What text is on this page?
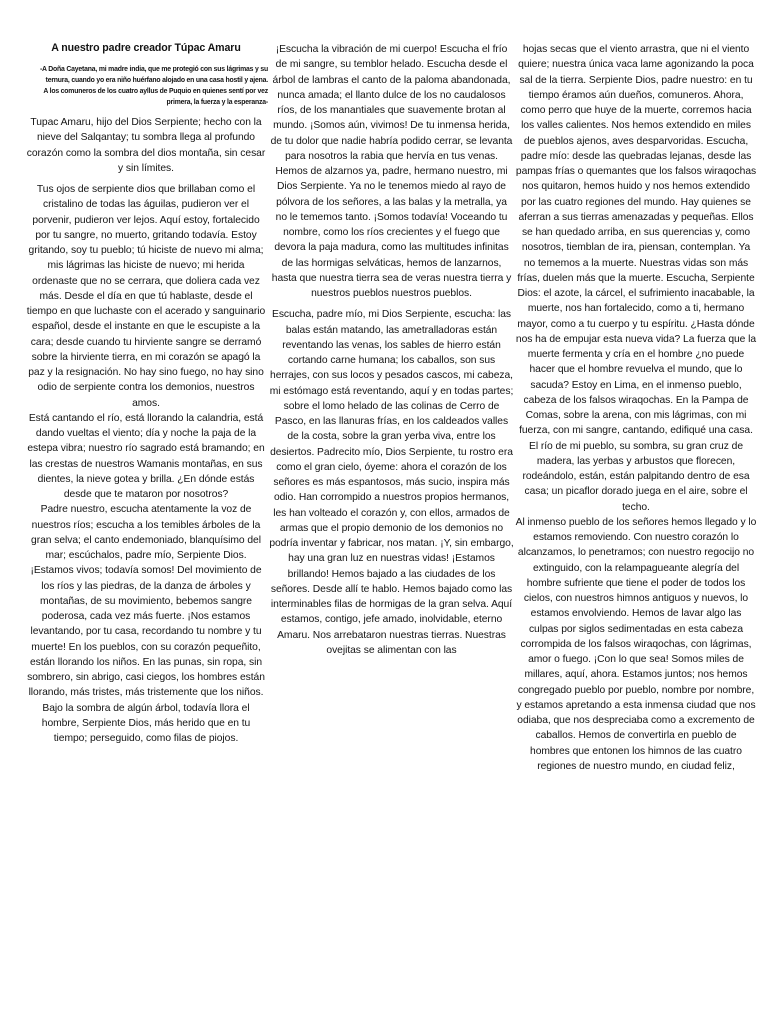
A nuestro padre creador Túpac Amaru

-A Doña Cayetana, mi madre india, que me protegió con sus lágrimas y su ternura, cuando yo era niño huérfano alojado en una casa hostil y ajena.

A los comuneros de los cuatro ayllus de Puquio en quienes sentí por vez primera, la fuerza y la esperanza-

Tupac Amaru, hijo del Dios Serpiente; hecho con la nieve del Salqantay; tu sombra llega al profundo corazón como la sombra del dios montaña, sin cesar y sin límites.

Tus ojos de serpiente dios que brillaban como el cristalino de todas las águilas, pudieron ver el porvenir, pudieron ver lejos. Aquí estoy, fortalecido por tu sangre, no muerto, gritando todavía. Estoy gritando, soy tu pueblo; tú hiciste de nuevo mi alma; mis lágrimas las hiciste de nuevo; mi herida ordenaste que no se cerrara, que doliera cada vez más. Desde el día en que tú hablaste, desde el tiempo en que luchaste con el acerado y sanguinario español, desde el instante en que le escupiste a la cara; desde cuando tu hirviente sangre se derramó sobre la hirviente tierra, en mi corazón se apagó la paz y la resignación. No hay sino fuego, no hay sino odio de serpiente contra los demonios, nuestros amos.

Está cantando el río, está llorando la calandria, está dando vueltas el viento; día y noche la paja de la estepa vibra; nuestro río sagrado está bramando; en las crestas de nuestros Wamanis montañas, en sus dientes, la nieve gotea y brilla. ¿En dónde estás desde que te mataron por nosotros?

Padre nuestro, escucha atentamente la voz de nuestros ríos; escucha a los temibles árboles de la gran selva; el canto endemoniado, blanquísimo del mar; escúchalos, padre mío, Serpiente Dios. ¡Estamos vivos; todavía somos! Del movimiento de los ríos y las piedras, de la danza de árboles y montañas, de su movimiento, bebemos sangre poderosa, cada vez más fuerte. ¡Nos estamos levantando, por tu casa, recordando tu nombre y tu muerte! En los pueblos, con su corazón pequeñito, están llorando los niños. En las punas, sin ropa, sin sombrero, sin abrigo, casi ciegos, los hombres están llorando, más tristes, más tristemente que los niños. Bajo la sombra de algún árbol, todavía llora el hombre, Serpiente Dios, más herido que en tu tiempo; perseguido, como filas de piojos.

¡Escucha la vibración de mi cuerpo! Escucha el frío de mi sangre, su temblor helado. Escucha desde el árbol de lambras el canto de la paloma abandonada, nunca amada; el llanto dulce de los no caudalosos ríos, de los manantiales que suavemente brotan al mundo. ¡Somos aún, vivimos! De tu inmensa herida, de tu dolor que nadie habría podido cerrar, se levanta para nosotros la rabia que hervía en tus venas. Hemos de alzarnos ya, padre, hermano nuestro, mi Dios Serpiente. Ya no le tenemos miedo al rayo de pólvora de los señores, a las balas y la metralla, ya no le tememos tanto. ¡Somos todavía! Voceando tu nombre, como los ríos crecientes y el fuego que devora la paja madura, como las multitudes infinitas de las hormigas selváticas, hemos de lanzarnos, hasta que nuestra tierra sea de veras nuestra tierra y nuestros pueblos nuestros pueblos.

Escucha, padre mío, mi Dios Serpiente, escucha: las balas están matando, las ametralladoras están reventando las venas, los sables de hierro están cortando carne humana; los caballos, son sus herrajes, con sus locos y pesados cascos, mi cabeza, mi estómago está reventando, aquí y en todas partes; sobre el lomo helado de las colinas de Cerro de Pasco, en las llanuras frías, en los caldeados valles de la costa, sobre la gran yerba viva, entre los desiertos. Padrecito mío, Dios Serpiente, tu rostro era como el gran cielo, óyeme: ahora el corazón de los señores es más espantosos, más sucio, inspira más odio. Han corrompido a nuestros propios hermanos, les han volteado el corazón y, con ellos, armados de armas que el propio demonio de los demonios no podría inventar y fabricar, nos matan. ¡Y, sin embargo, hay una gran luz en nuestras vidas! ¡Estamos brillando! Hemos bajado a las ciudades de los señores. Desde allí te hablo. Hemos bajado como las interminables filas de hormigas de la gran selva. Aquí estamos, contigo, jefe amado, inolvidable, eterno Amaru. Nos arrebataron nuestras tierras. Nuestras ovejitas se alimentan con las

hojas secas que el viento arrastra, que ni el viento quiere; nuestra única vaca lame agonizando la poca sal de la tierra. Serpiente Dios, padre nuestro: en tu tiempo éramos aún dueños, comuneros. Ahora, como perro que huye de la muerte, corremos hacia los valles calientes. Nos hemos extendido en miles de pueblos ajenos, aves desparvoridas. Escucha, padre mío: desde las quebradas lejanas, desde las pampas frías o quemantes que los falsos wiraqochas nos quitaron, hemos huido y nos hemos extendido por las cuatro regiones del mundo. Hay quienes se aferran a sus tierras amenazadas y pequeñas. Ellos se han quedado arriba, en sus querencias y, como nosotros, tiemblan de ira, piensan, contemplan. Ya no tememos a la muerte. Nuestras vidas son más frías, duelen más que la muerte. Escucha, Serpiente Dios: el azote, la cárcel, el sufrimiento inacabable, la muerte, nos han fortalecido, como a ti, hermano mayor, como a tu cuerpo y tu espíritu. ¿Hasta dónde nos ha de empujar esta nueva vida? La fuerza que la muerte fermenta y cría en el hombre ¿no puede hacer que el hombre revuelva el mundo, que lo sacuda? Estoy en Lima, en el inmenso pueblo, cabeza de los falsos wiraqochas. En la Pampa de Comas, sobre la arena, con mis lágrimas, con mi fuerza, con mi sangre, cantando, edifiqué una casa. El río de mi pueblo, su sombra, su gran cruz de madera, las yerbas y arbustos que florecen, rodeándolo, están, están palpitando dentro de esa casa; un picaflor dorado juega en el aire, sobre el techo.

Al inmenso pueblo de los señores hemos llegado y lo estamos removiendo. Con nuestro corazón lo alcanzamos, lo penetramos; con nuestro regocijo no extinguido, con la relampagueante alegría del hombre sufriente que tiene el poder de todos los cielos, con nuestros himnos antiguos y nuevos, lo estamos envolviendo. Hemos de lavar algo las culpas por siglos sedimentadas en esta cabeza corrompida de los falsos wiraqochas, con lágrimas, amor o fuego. ¡Con lo que sea! Somos miles de millares, aquí, ahora. Estamos juntos; nos hemos congregado pueblo por pueblo, nombre por nombre, y estamos apretando a esta inmensa ciudad que nos odiaba, que nos despreciaba como a excremento de caballos. Hemos de convertirla en pueblo de hombres que entonen los himnos de las cuatro regiones de nuestro mundo, en ciudad feliz,
